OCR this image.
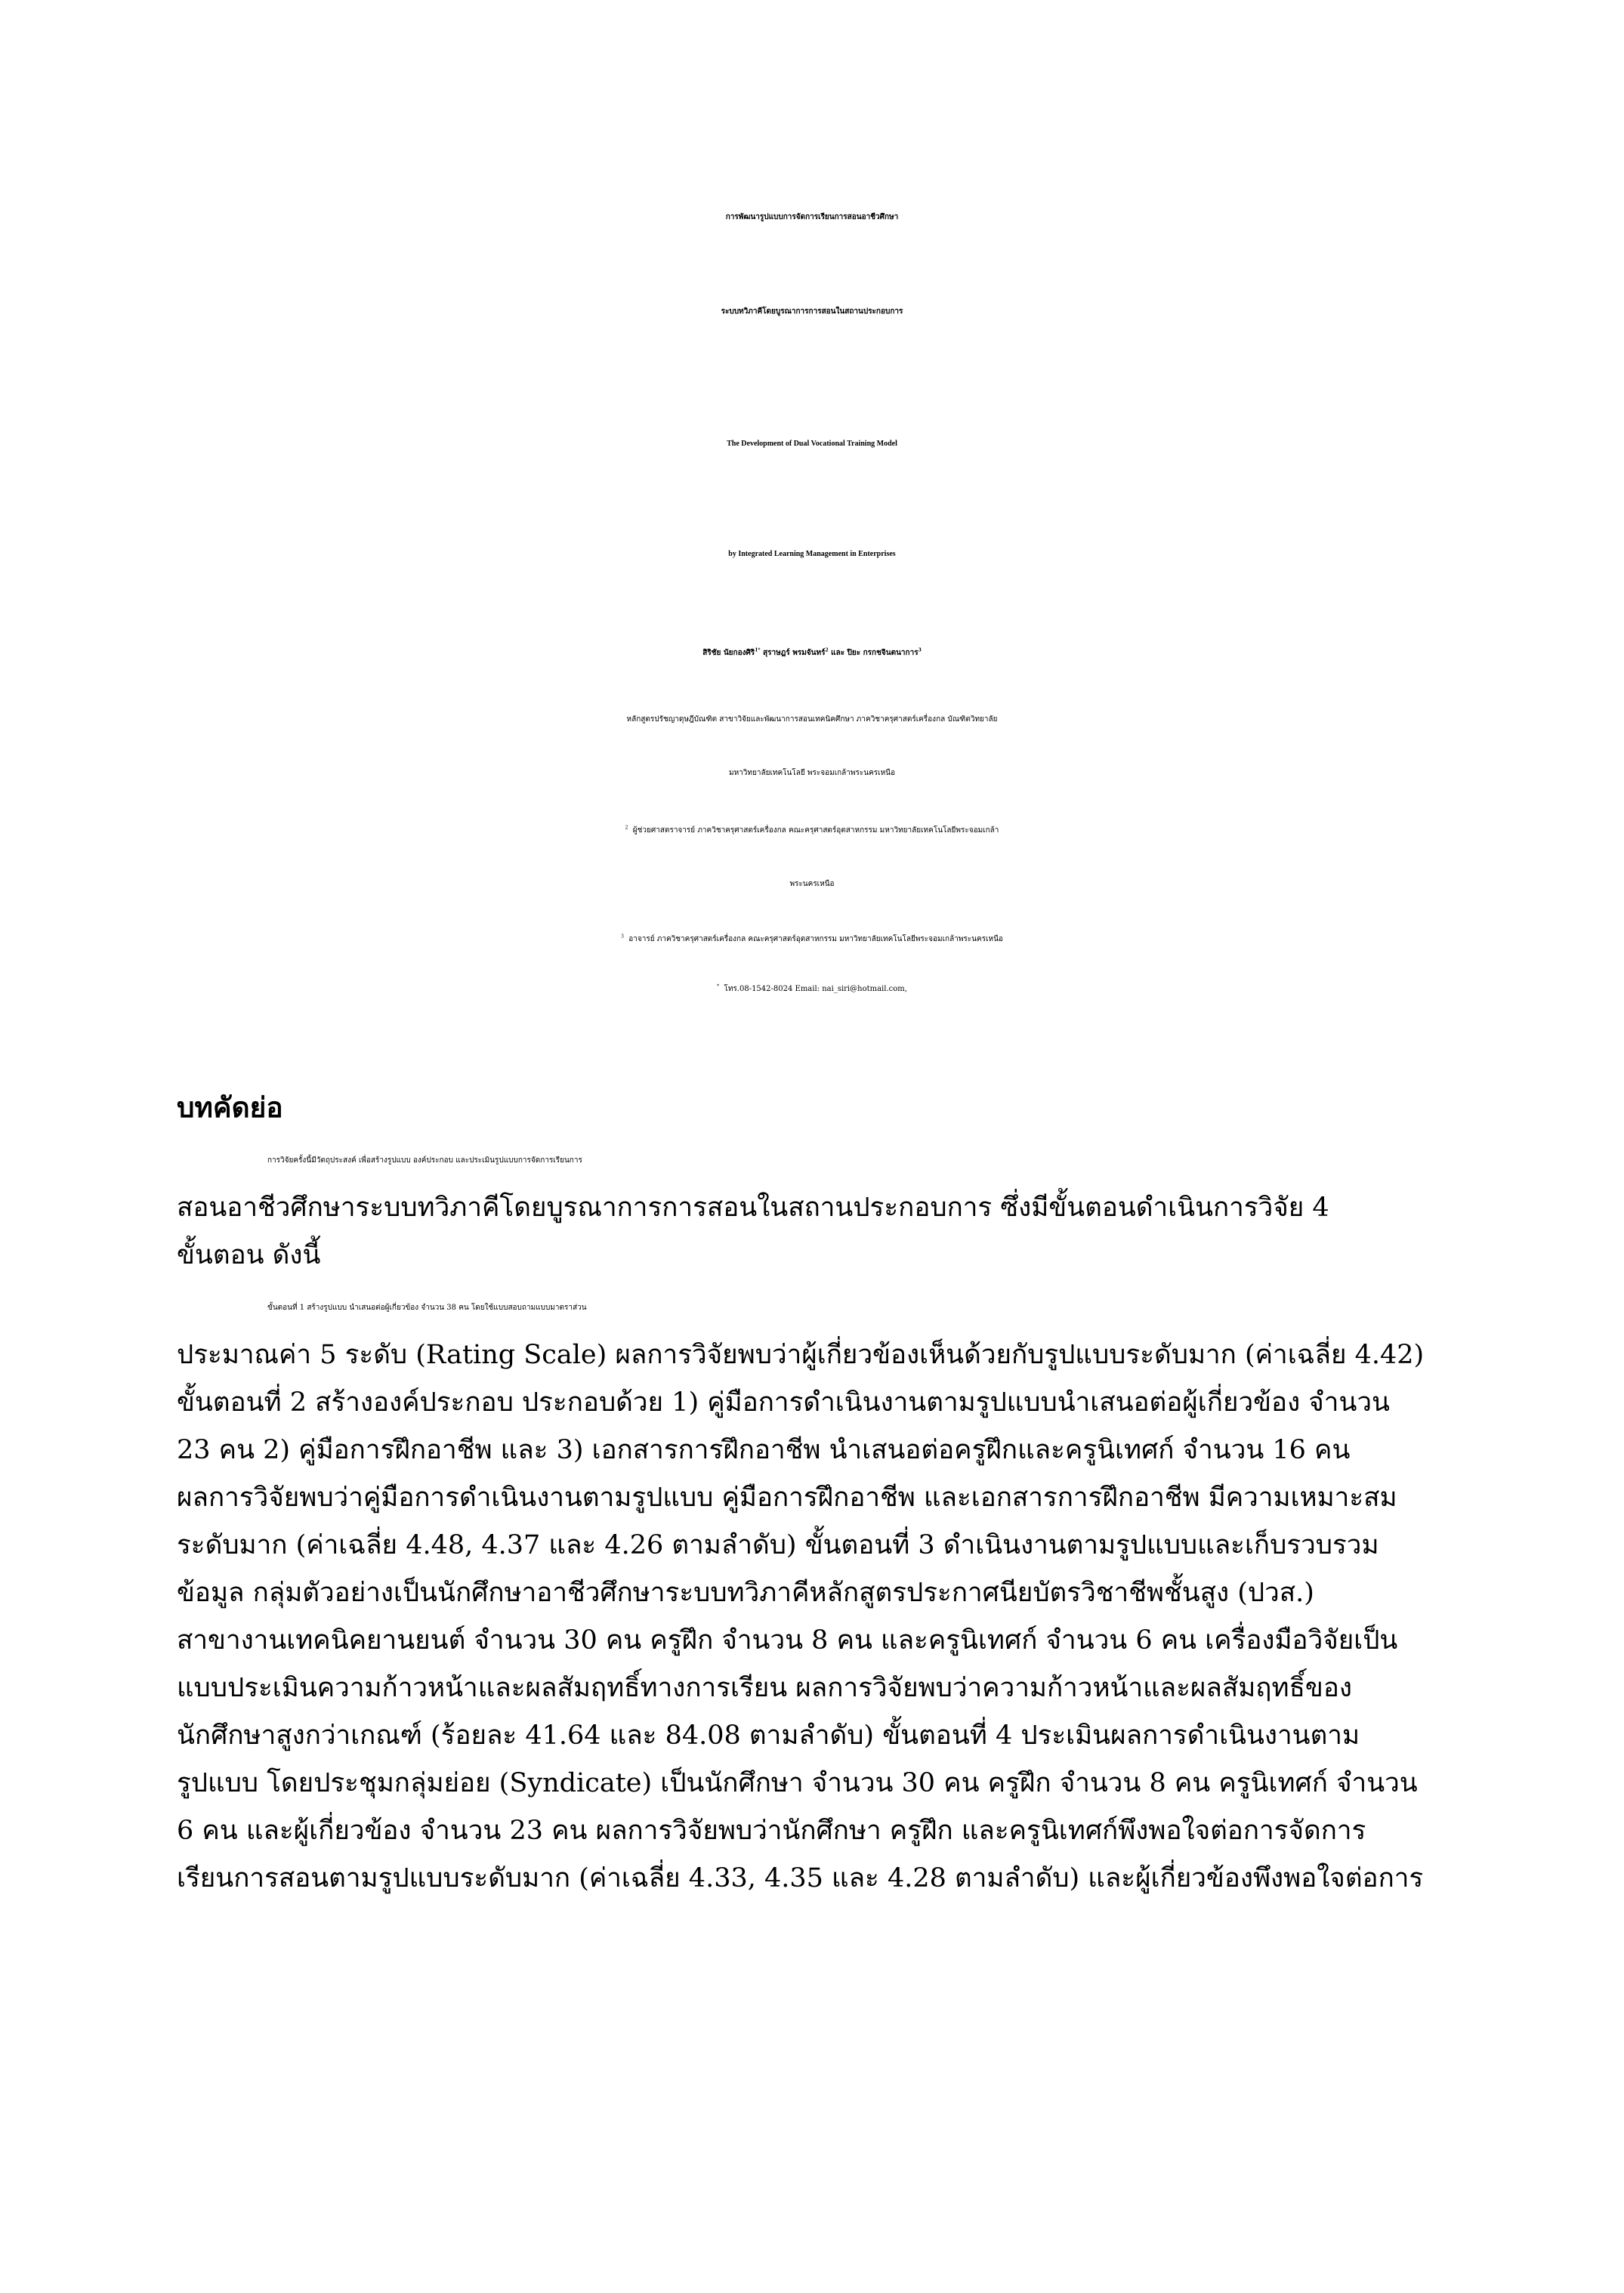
การพัฒนารูปแบบการจัดการเรียนการสอนอาชีวศึกษา
ระบบทวิภาคีโดยบูรณาการการสอนในสถานประกอบการ
The Development of Dual Vocational Training Model
by Integrated Learning Management in Enterprises
สิริชัย นัยกองศิริ$^{1*}$ สุราษฎร์ พรมจันทร์$^2$ และ ปิยะ กรกชจินตนาการ$^3$
หลักสูตรปรัชญาดุษฎีบัณฑิต สาขาวิจัยและพัฒนาการสอนเทคนิคศึกษา ภาควิชาครุศาสตร์เครื่องกล บัณฑิตวิทยาลัย
มหาวิทยาลัยเทคโนโลยี พระจอมเกล้าพระนครเหนือ
$^2$ ผู้ช่วยศาสตราจารย์ ภาควิชาครุศาสตร์เครื่องกล คณะครุศาสตร์อุตสาหกรรม มหาวิทยาลัยเทคโนโลยีพระจอมเกล้า
พระนครเหนือ
$^3$ อาจารย์ ภาควิชาครุศาสตร์เครื่องกล คณะครุศาสตร์อุตสาหกรรม มหาวิทยาลัยเทคโนโลยีพระจอมเกล้าพระนครเหนือ
* โทร.08-1542-8024 Email: nai_siri@hotmail.com,
บทคัดย่อ
การวิจัยครั้งนี้มีวัตถุประสงค์ เพื่อสร้างรูปแบบ องค์ประกอบ และประเมินรูปแบบการจัดการเรียนการ
สอนอาชีวศึกษาระบบทวิภาคีโดยบูรณาการการสอนในสถานประกอบการ ซึ่งมีขั้นตอนดำเนินการวิจัย 4
ขั้นตอน ดังนี้
ขั้นตอนที่ 1 สร้างรูปแบบ นำเสนอต่อผู้เกี่ยวข้อง จำนวน 38 คน โดยใช้แบบสอบถามแบบมาตราส่วน
ประมาณค่า 5 ระดับ (Rating Scale) ผลการวิจัยพบว่าผู้เกี่ยวข้องเห็นด้วยกับรูปแบบระดับมาก (ค่าเฉลี่ย 4.42)
ขั้นตอนที่ 2 สร้างองค์ประกอบ ประกอบด้วย 1) คู่มือการดำเนินงานตามรูปแบบนำเสนอต่อผู้เกี่ยวข้อง จำนวน
23 คน 2) คู่มือการฝึกอาชีพ และ 3) เอกสารการฝึกอาชีพ นำเสนอต่อครูฝึกและครูนิเทศก์ จำนวน 16 คน
ผลการวิจัยพบว่าคู่มือการดำเนินงานตามรูปแบบ คู่มือการฝึกอาชีพ และเอกสารการฝึกอาชีพ มีความเหมาะสม
ระดับมาก (ค่าเฉลี่ย 4.48, 4.37 และ 4.26 ตามลำดับ) ขั้นตอนที่ 3 ดำเนินงานตามรูปแบบและเก็บรวบรวม
ข้อมูล กลุ่มตัวอย่างเป็นนักศึกษาอาชีวศึกษาระบบทวิภาคีหลักสูตรประกาศนียบัตรวิชาชีพชั้นสูง (ปวส.)
สาขางานเทคนิคยานยนต์ จำนวน 30 คน ครูฝึก จำนวน 8 คน และครูนิเทศก์ จำนวน 6 คน เครื่องมือวิจัยเป็น
แบบประเมินความก้าวหน้าและผลสัมฤทธิ์ทางการเรียน ผลการวิจัยพบว่าความก้าวหน้าและผลสัมฤทธิ์ของ
นักศึกษาสูงกว่าเกณฑ์ (ร้อยละ 41.64 และ 84.08 ตามลำดับ) ขั้นตอนที่ 4 ประเมินผลการดำเนินงานตาม
รูปแบบ โดยประชุมกลุ่มย่อย (Syndicate) เป็นนักศึกษา จำนวน 30 คน ครูฝึก จำนวน 8 คน ครูนิเทศก์ จำนวน
6 คน และผู้เกี่ยวข้อง จำนวน 23 คน ผลการวิจัยพบว่านักศึกษา ครูฝึก และครูนิเทศก์พึงพอใจต่อการจัดการ
เรียนการสอนตามรูปแบบระดับมาก (ค่าเฉลี่ย 4.33, 4.35 และ 4.28 ตามลำดับ) และผู้เกี่ยวข้องพึงพอใจต่อการ
